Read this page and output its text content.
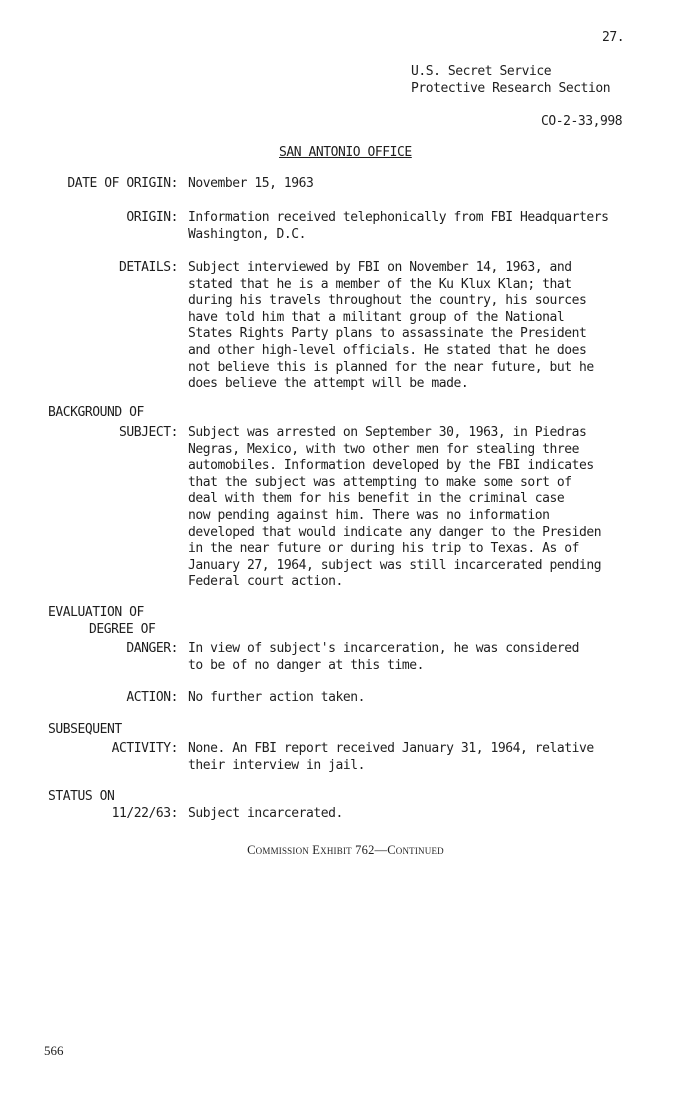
27.
U.S. Secret Service
Protective Research Section
CO-2-33,998
SAN ANTONIO OFFICE
DATE OF ORIGIN: November 15, 1963
ORIGIN: Information received telephonically from FBI Headquarters
Washington, D.C.
DETAILS: Subject interviewed by FBI on November 14, 1963, and
stated that he is a member of the Ku Klux Klan; that
during his travels throughout the country, his sources
have told him that a militant group of the National
States Rights Party plans to assassinate the President
and other high-level officials. He stated that he does
not believe this is planned for the near future, but he
does believe the attempt will be made.
BACKGROUND OF
SUBJECT: Subject was arrested on September 30, 1963, in Piedras
Negras, Mexico, with two other men for stealing three
automobiles. Information developed by the FBI indicates
that the subject was attempting to make some sort of
deal with them for his benefit in the criminal case
now pending against him. There was no information
developed that would indicate any danger to the Presiden
in the near future or during his trip to Texas. As of
January 27, 1964, subject was still incarcerated pending
Federal court action.
EVALUATION OF
DEGREE OF
DANGER: In view of subject's incarceration, he was considered
to be of no danger at this time.
ACTION: No further action taken.
SUBSEQUENT
ACTIVITY: None. An FBI report received January 31, 1964, relative
their interview in jail.
STATUS ON
11/22/63: Subject incarcerated.
Commission Exhibit 762—Continued
566
